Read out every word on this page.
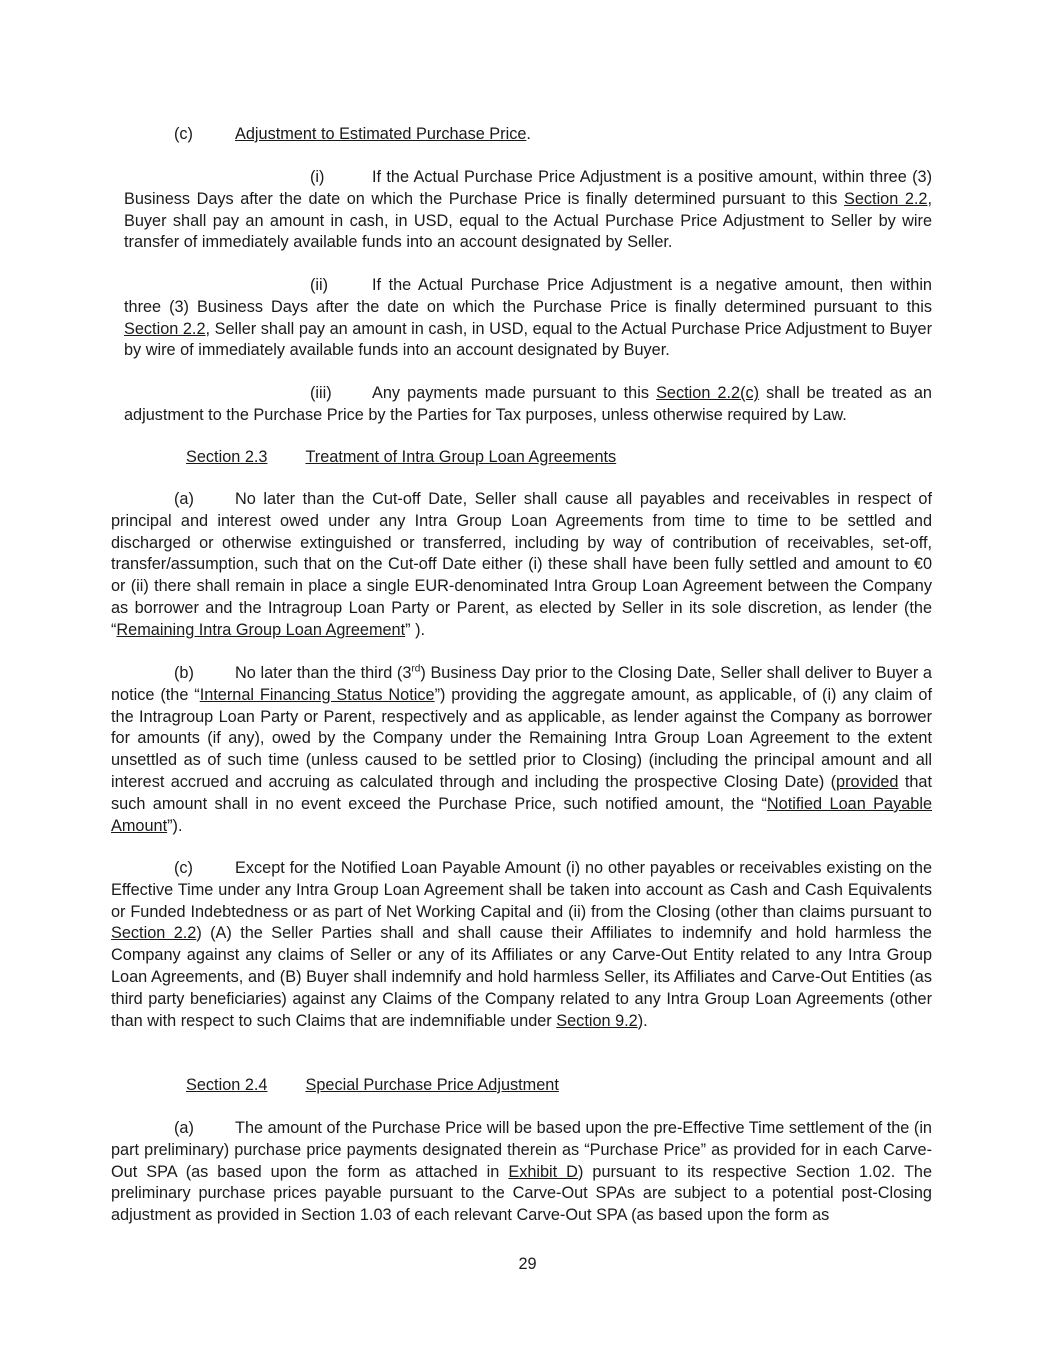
(c)	Adjustment to Estimated Purchase Price.

(i)	If the Actual Purchase Price Adjustment is a positive amount, within three (3) Business Days after the date on which the Purchase Price is finally determined pursuant to this Section 2.2, Buyer shall pay an amount in cash, in USD, equal to the Actual Purchase Price Adjustment to Seller by wire transfer of immediately available funds into an account designated by Seller.

(ii)	If the Actual Purchase Price Adjustment is a negative amount, then within three (3) Business Days after the date on which the Purchase Price is finally determined pursuant to this Section 2.2, Seller shall pay an amount in cash, in USD, equal to the Actual Purchase Price Adjustment to Buyer by wire of immediately available funds into an account designated by Buyer.

(iii) Any payments made pursuant to this Section 2.2(c) shall be treated as an adjustment to the Purchase Price by the Parties for Tax purposes, unless otherwise required by Law.

Section 2.3 Treatment of Intra Group Loan Agreements

(a)	No later than the Cut-off Date, Seller shall cause all payables and receivables in respect of principal and interest owed under any Intra Group Loan Agreements from time to time to be settled and discharged or otherwise extinguished or transferred, including by way of contribution of receivables, set-off, transfer/assumption, such that on the Cut-off Date either (i) these shall have been fully settled and amount to €0 or (ii) there shall remain in place a single EUR-denominated Intra Group Loan Agreement between the Company as borrower and the Intragroup Loan Party or Parent, as elected by Seller in its sole discretion, as lender (the “Remaining Intra Group Loan Agreement” ).

(b)	No later than the third (3rd) Business Day prior to the Closing Date, Seller shall deliver to Buyer a notice (the “Internal Financing Status Notice”) providing the aggregate amount, as applicable, of (i) any claim of the Intragroup Loan Party or Parent, respectively and as applicable, as lender against the Company as borrower for amounts (if any), owed by the Company under the Remaining Intra Group Loan Agreement to the extent unsettled as of such time (unless caused to be settled prior to Closing) (including the principal amount and all interest accrued and accruing as calculated through and including the prospective Closing Date) (provided that such amount shall in no event exceed the Purchase Price, such notified amount, the “Notified Loan Payable Amount”).

(c)	Except for the Notified Loan Payable Amount (i) no other payables or receivables existing on the Effective Time under any Intra Group Loan Agreement shall be taken into account as Cash and Cash Equivalents or Funded Indebtedness or as part of Net Working Capital and (ii) from the Closing (other than claims pursuant to Section 2.2) (A) the Seller Parties shall and shall cause their Affiliates to indemnify and hold harmless the Company against any claims of Seller or any of its Affiliates or any Carve-Out Entity related to any Intra Group Loan Agreements, and (B) Buyer shall indemnify and hold harmless Seller, its Affiliates and Carve-Out Entities (as third party beneficiaries) against any Claims of the Company related to any Intra Group Loan Agreements (other than with respect to such Claims that are indemnifiable under Section 9.2).

Section 2.4 Special Purchase Price Adjustment

(a)	The amount of the Purchase Price will be based upon the pre-Effective Time settlement of the (in part preliminary) purchase price payments designated therein as “Purchase Price” as provided for in each Carve-Out SPA (as based upon the form as attached in Exhibit D) pursuant to its respective Section 1.02. The preliminary purchase prices payable pursuant to the Carve-Out SPAs are subject to a potential post-Closing adjustment as provided in Section 1.03 of each relevant Carve-Out SPA (as based upon the form as

29
